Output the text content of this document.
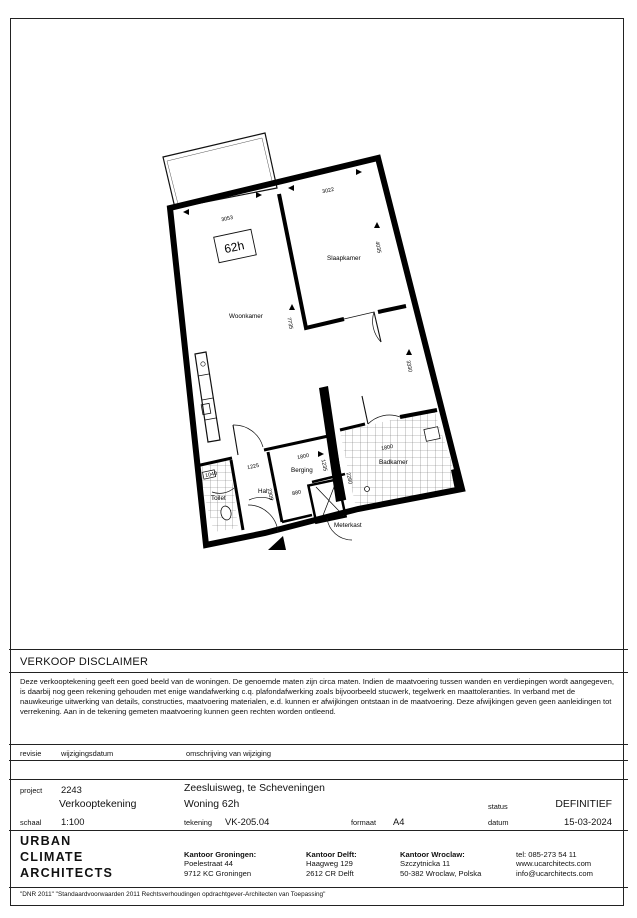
62h
Woonkamer
Slaapkamer
Badkamer
Berging
Toilet
Hal
Meterkast
3053
7735
3022
4035
3330
1800
2280
1800
1235
1225
2305
1040
880
VERKOOP DISCLAIMER
Deze verkooptekening geeft een goed beeld van de woningen. De genoemde maten zijn circa maten. Indien de maatvoering tussen wanden en verdiepingen wordt aangegeven, is daarbij nog geen rekening gehouden met enige wandafwerking c.q. plafondafwerking zoals bijvoorbeeld stucwerk, tegelwerk en maattoleranties. In verband met de nauwkeurige uitwerking van details, constructies, maatvoering materialen, e.d. kunnen er afwijkingen ontstaan in de maatvoering. Deze afwijkingen geven geen aanleidingen tot verrekening. Aan in de tekening gemeten maatvoering kunnen geen rechten worden ontleend.
revisie	wijzigingsdatum	omschrijving van wijziging
project 2243	Zeesluisweg, te Scheveningen
Verkooptekening	Woning 62h	status	DEFINITIEF
schaal 1:100	tekening VK-205.04	formaat A4	datum	15-03-2024
URBAN
CLIMATE
ARCHITECTS
Kantoor Groningen:
Poelestraat 44
9712 KC Groningen
Kantoor Delft:
Haagweg 129
2612 CR Delft
Kantoor Wroclaw:
Szczytnicka 11
50-382 Wroclaw, Polska
tel: 085-273 54 11
www.ucarchitects.com
info@ucarchitects.com
"DNR 2011" "Standaardvoorwaarden 2011 Rechtsverhoudingen opdrachtgever-Architecten van Toepassing"
